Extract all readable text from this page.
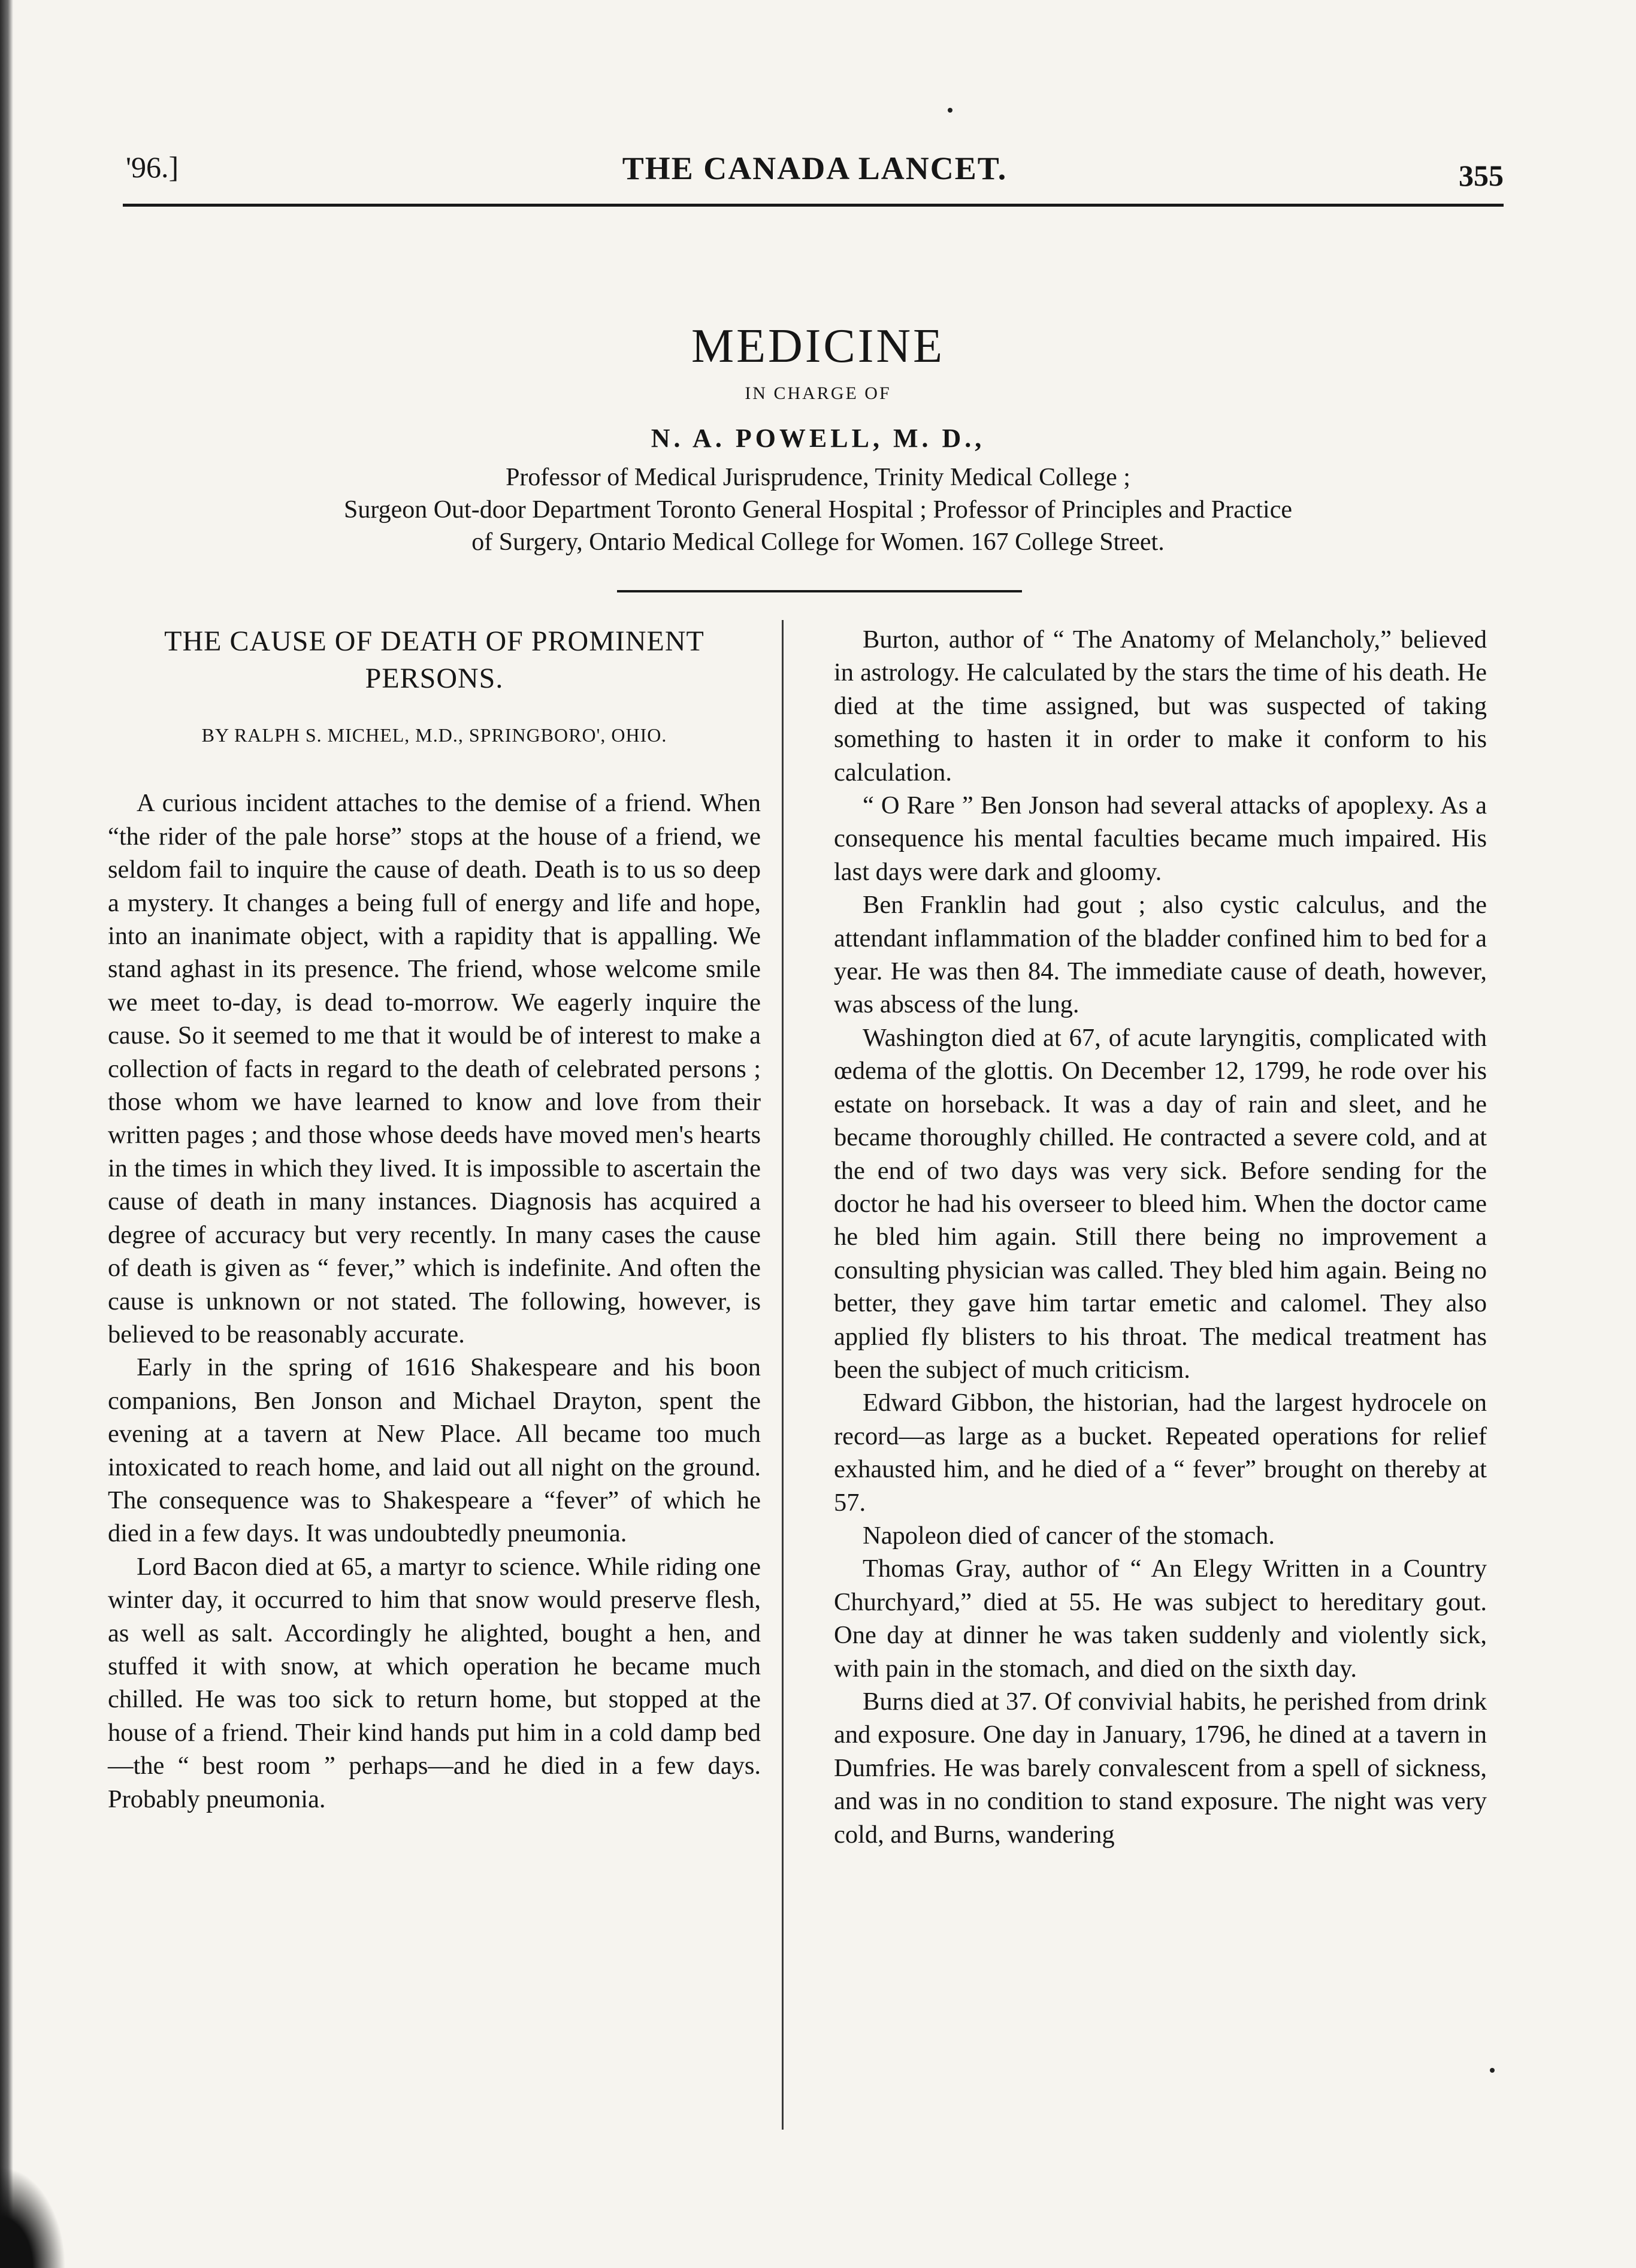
'96.]	THE CANADA LANCET.	355
MEDICINE
IN CHARGE OF
N. A. POWELL, M. D.,
Professor of Medical Jurisprudence, Trinity Medical College ;
Surgeon Out-door Department Toronto General Hospital ; Professor of Principles and Practice
of Surgery, Ontario Medical College for Women. 167 College Street.
THE CAUSE OF DEATH OF PROMINENT PERSONS.
BY RALPH S. MICHEL, M.D., SPRINGBORO', OHIO.

A curious incident attaches to the demise of a friend. When “the rider of the pale horse” stops at the house of a friend, we seldom fail to inquire the cause of death. Death is to us so deep a mystery. It changes a being full of energy and life and hope, into an inanimate object, with a rapidity that is appalling. We stand aghast in its presence. The friend, whose welcome smile we meet to-day, is dead to-morrow. We eagerly inquire the cause. So it seemed to me that it would be of interest to make a collection of facts in regard to the death of celebrated persons ; those whom we have learned to know and love from their written pages ; and those whose deeds have moved men's hearts in the times in which they lived. It is impossible to ascertain the cause of death in many instances. Diagnosis has acquired a degree of accuracy but very recently. In many cases the cause of death is given as “ fever,” which is indefinite. And often the cause is unknown or not stated. The following, however, is believed to be reasonably accurate.

Early in the spring of 1616 Shakespeare and his boon companions, Ben Jonson and Michael Drayton, spent the evening at a tavern at New Place. All became too much intoxicated to reach home, and laid out all night on the ground. The consequence was to Shakespeare a “fever” of which he died in a few days. It was undoubtedly pneumonia.

Lord Bacon died at 65, a martyr to science. While riding one winter day, it occurred to him that snow would preserve flesh, as well as salt. Accordingly he alighted, bought a hen, and stuffed it with snow, at which operation he became much chilled. He was too sick to return home, but stopped at the house of a friend. Their kind hands put him in a cold damp bed—the “ best room ” perhaps—and he died in a few days. Probably pneumonia.

Burton, author of “ The Anatomy of Melancholy,” believed in astrology. He calculated by the stars the time of his death. He died at the time assigned, but was suspected of taking something to hasten it in order to make it conform to his calculation.

“ O Rare ” Ben Jonson had several attacks of apoplexy. As a consequence his mental faculties became much impaired. His last days were dark and gloomy.

Ben Franklin had gout ; also cystic calculus, and the attendant inflammation of the bladder confined him to bed for a year. He was then 84. The immediate cause of death, however, was abscess of the lung.

Washington died at 67, of acute laryngitis, complicated with œdema of the glottis. On December 12, 1799, he rode over his estate on horseback. It was a day of rain and sleet, and he became thoroughly chilled. He contracted a severe cold, and at the end of two days was very sick. Before sending for the doctor he had his overseer to bleed him. When the doctor came he bled him again. Still there being no improvement a consulting physician was called. They bled him again. Being no better, they gave him tartar emetic and calomel. They also applied fly blisters to his throat. The medical treatment has been the subject of much criticism.

Edward Gibbon, the historian, had the largest hydrocele on record—as large as a bucket. Repeated operations for relief exhausted him, and he died of a “ fever” brought on thereby at 57.

Napoleon died of cancer of the stomach.

Thomas Gray, author of “ An Elegy Written in a Country Churchyard,” died at 55. He was subject to hereditary gout. One day at dinner he was taken suddenly and violently sick, with pain in the stomach, and died on the sixth day.

Burns died at 37. Of convivial habits, he perished from drink and exposure. One day in January, 1796, he dined at a tavern in Dumfries. He was barely convalescent from a spell of sickness, and was in no condition to stand exposure. The night was very cold, and Burns, wandering
